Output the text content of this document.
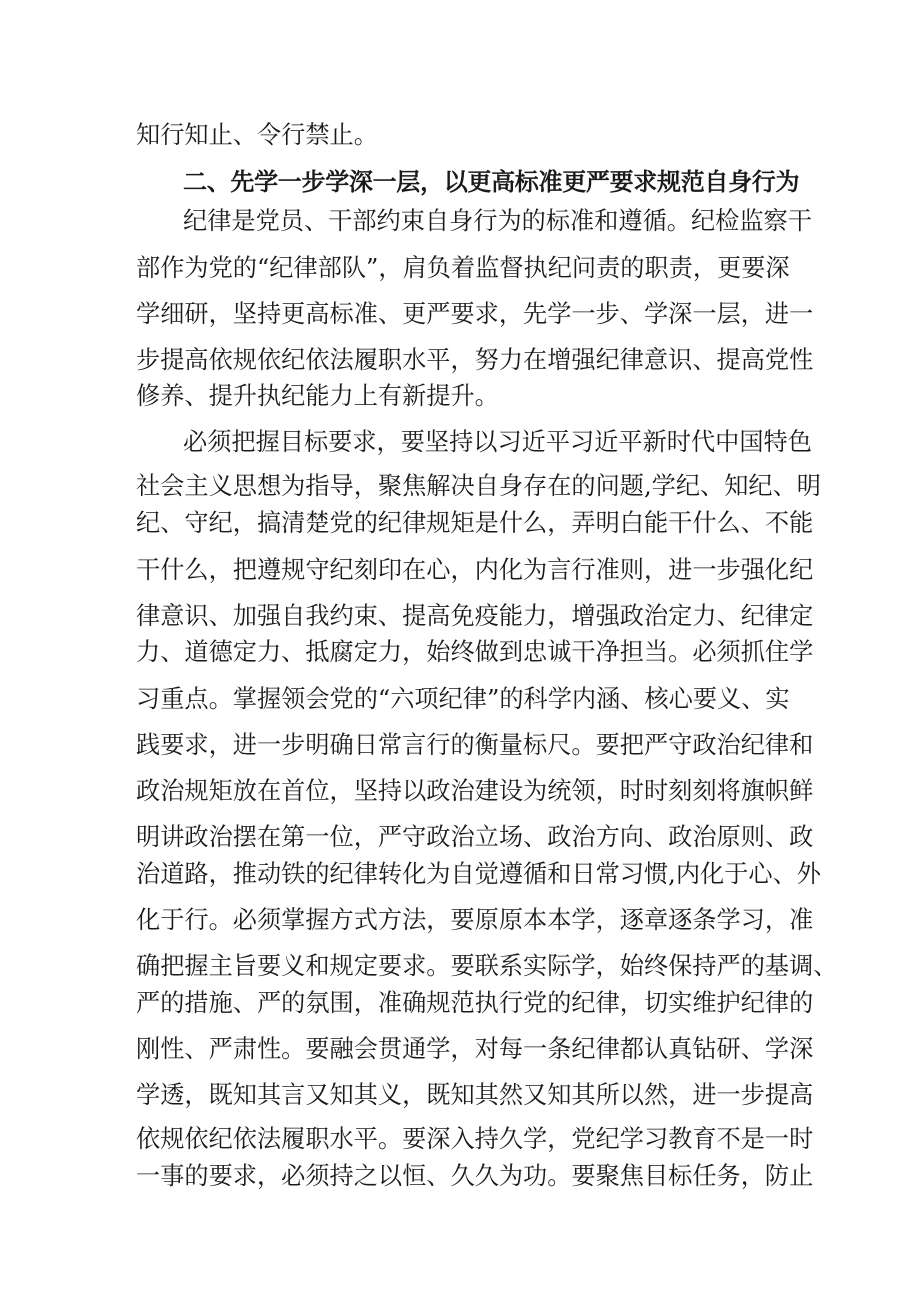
知行知止、令行禁止。
二、先学一步学深一层，以更高标准更严要求规范自身行为
纪律是党员、干部约束自身行为的标准和遵循。纪检监察干
部作为党的“纪律部队”，肩负着监督执纪问责的职责，更要深
学细研，坚持更高标准、更严要求，先学一步、学深一层，进一
步提高依规依纪依法履职水平，努力在增强纪律意识、提高党性
修养、提升执纪能力上有新提升。
必须把握目标要求，要坚持以习近平习近平新时代中国特色
社会主义思想为指导，聚焦解决自身存在的问题,学纪、知纪、明
纪、守纪，搞清楚党的纪律规矩是什么，弄明白能干什么、不能
干什么，把遵规守纪刻印在心，内化为言行准则，进一步强化纪
律意识、加强自我约束、提高免疫能力，增强政治定力、纪律定
力、道德定力、抵腐定力，始终做到忠诚干净担当。必须抓住学
习重点。掌握领会党的“六项纪律”的科学内涵、核心要义、实
践要求，进一步明确日常言行的衡量标尺。要把严守政治纪律和
政治规矩放在首位，坚持以政治建设为统领，时时刻刻将旗帜鲜
明讲政治摆在第一位，严守政治立场、政治方向、政治原则、政
治道路，推动铁的纪律转化为自觉遵循和日常习惯,内化于心、外
化于行。必须掌握方式方法，要原原本本学，逐章逐条学习，准
确把握主旨要义和规定要求。要联系实际学，始终保持严的基调、
严的措施、严的氛围，准确规范执行党的纪律，切实维护纪律的
刚性、严肃性。要融会贯通学，对每一条纪律都认真钻研、学深
学透，既知其言又知其义，既知其然又知其所以然，进一步提高
依规依纪依法履职水平。要深入持久学，党纪学习教育不是一时
一事的要求，必须持之以恒、久久为功。要聚焦目标任务，防止
